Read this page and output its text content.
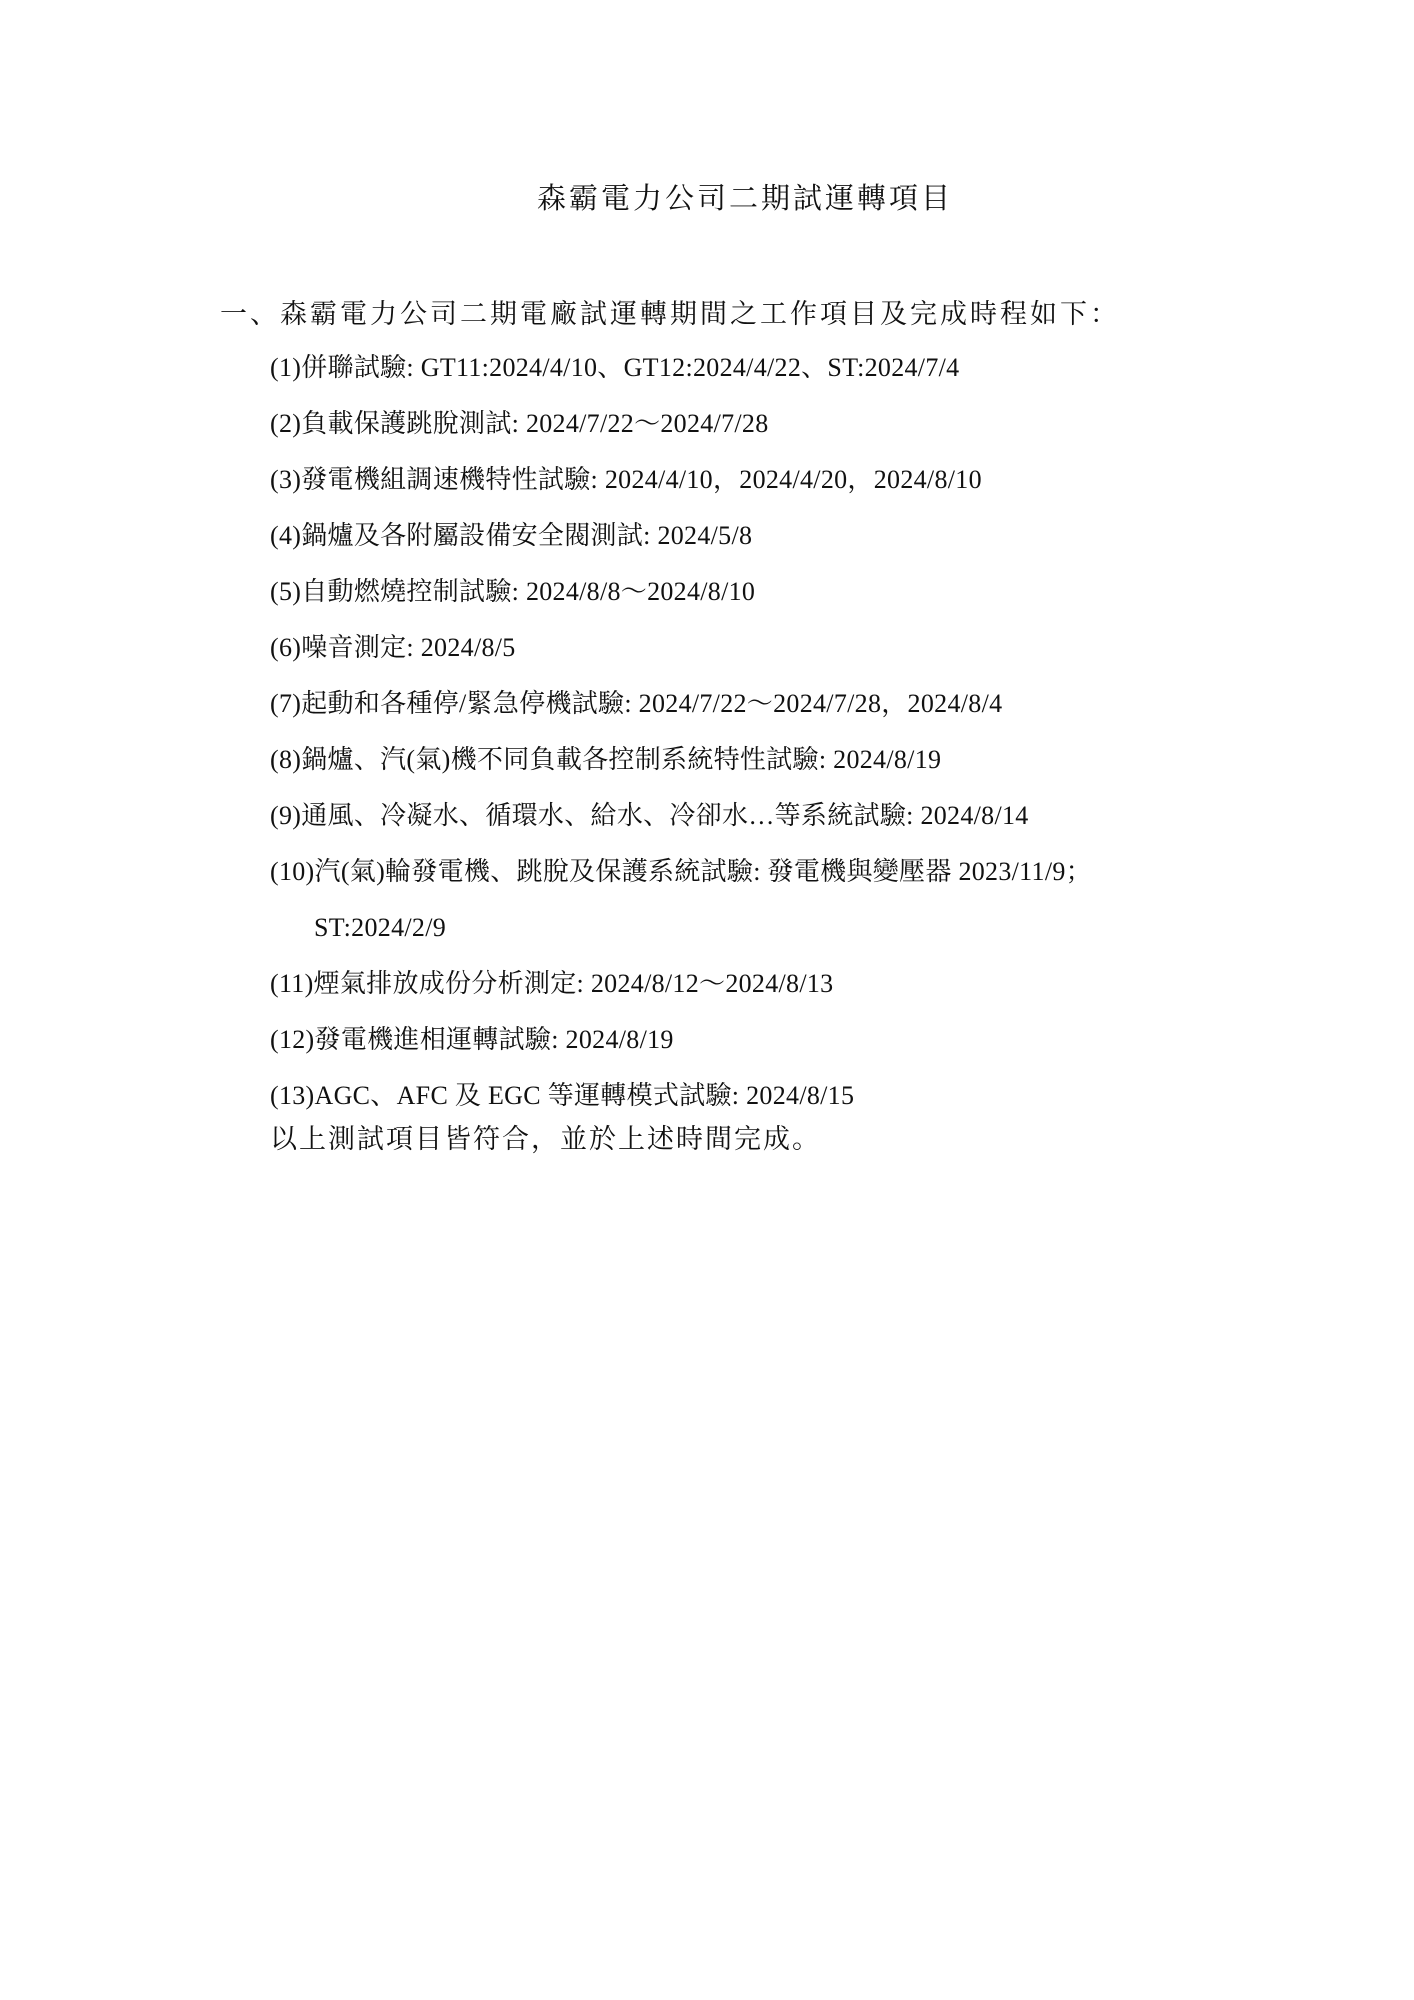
森霸電力公司二期試運轉項目
一、森霸電力公司二期電廠試運轉期間之工作項目及完成時程如下：
(1)併聯試驗: GT11:2024/4/10、GT12:2024/4/22、ST:2024/7/4
(2)負載保護跳脫測試: 2024/7/22～2024/7/28
(3)發電機組調速機特性試驗: 2024/4/10，2024/4/20，2024/8/10
(4)鍋爐及各附屬設備安全閥測試: 2024/5/8
(5)自動燃燒控制試驗: 2024/8/8～2024/8/10
(6)噪音測定: 2024/8/5
(7)起動和各種停/緊急停機試驗: 2024/7/22～2024/7/28，2024/8/4
(8)鍋爐、汽(氣)機不同負載各控制系統特性試驗: 2024/8/19
(9)通風、冷凝水、循環水、給水、冷卻水…等系統試驗: 2024/8/14
(10)汽(氣)輪發電機、跳脫及保護系統試驗: 發電機與變壓器 2023/11/9；
ST:2024/2/9
(11)煙氣排放成份分析測定: 2024/8/12～2024/8/13
(12)發電機進相運轉試驗: 2024/8/19
(13)AGC、AFC 及 EGC 等運轉模式試驗: 2024/8/15
以上測試項目皆符合，並於上述時間完成。
